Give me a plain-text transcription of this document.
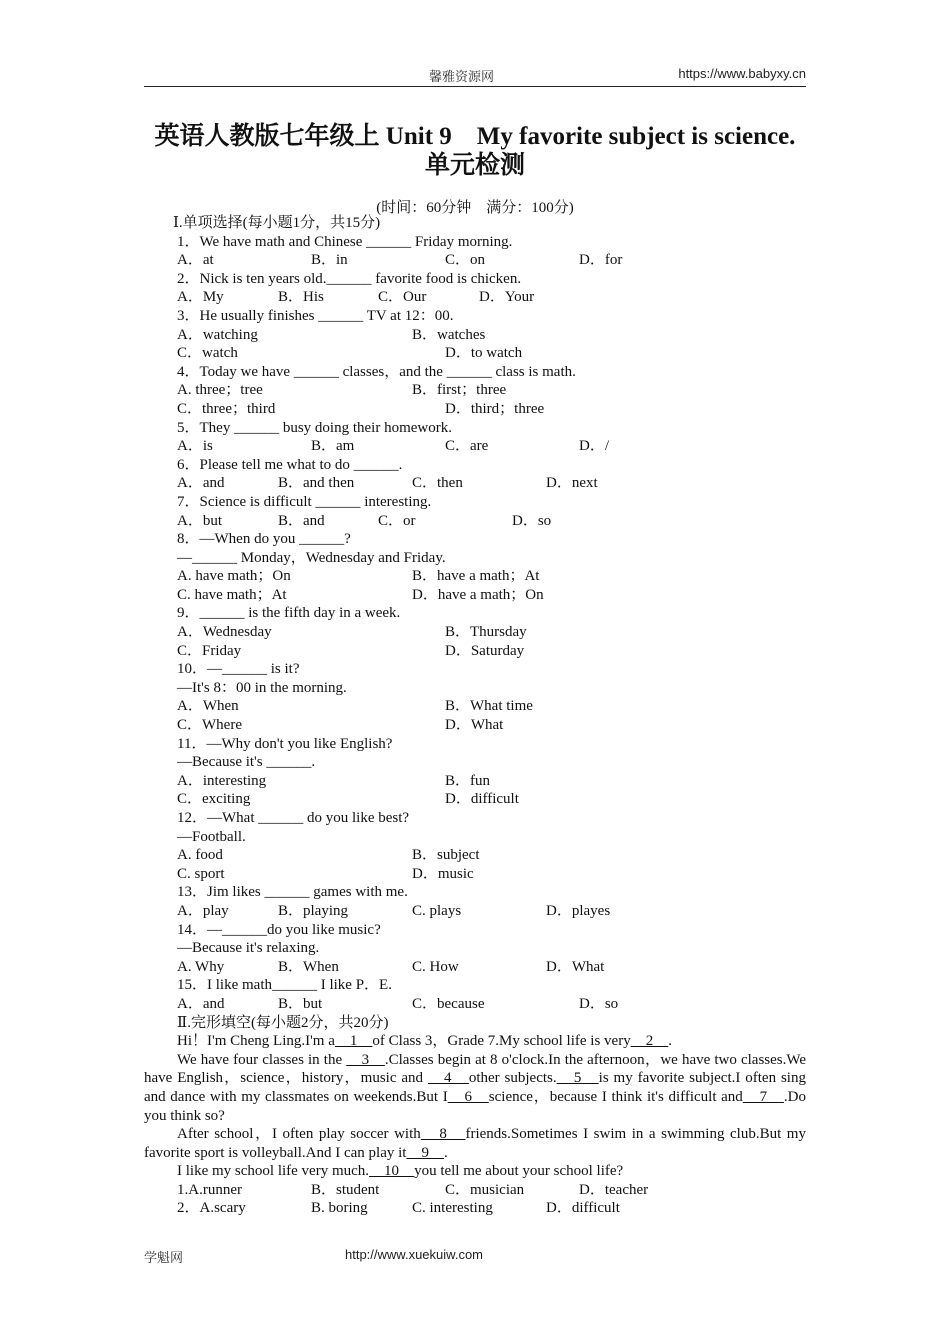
馨雅资源网	https://www.babyxy.cn
英语人教版七年级上 Unit 9　My favorite subject is science.
单元检测
(时间：60分钟　满分：100分)
Ⅰ.单项选择(每小题1分，共15分)
1．We have math and Chinese ______ Friday morning.
A．at	B．in	C．on	D．for
2．Nick is ten years old.______ favorite food is chicken.
A．My	B．His	C．Our	D．Your
3．He usually finishes ______ TV at 12：00.
A．watching	B．watches
C．watch	D．to watch
4．Today we have ______ classes，and the ______ class is math.
A. three；tree	B．first；three
C．three；third	D．third；three
5．They ______ busy doing their homework.
A．is	B．am	C．are	D．/
6．Please tell me what to do ______.
A．and	B．and then	C．then	D．next
7．Science is difficult ______ interesting.
A．but	B．and	C．or	D．so
8．—When do you ______?
—______ Monday，Wednesday and Friday.
A. have math；On	B．have a math；At
C. have math；At	D．have a math；On
9．______ is the fifth day in a week.
A．Wednesday	B．Thursday
C．Friday	D．Saturday
10．—______ is it?
—It's 8：00 in the morning.
A．When	B．What time
C．Where	D．What
11．—Why don't you like English?
—Because it's ______.
A．interesting	B．fun
C．exciting	D．difficult
12．—What ______ do you like best?
—Football.
A. food	B．subject
C. sport	D．music
13．Jim likes ______ games with me.
A．play	B．playing	C. plays	D．playes
14．—______do you like music?
—Because it's relaxing.
A. Why	B．When	C. How	D．What
15．I like math______ I like P．E.
A．and	B．but	C．because	D．so
Ⅱ.完形填空(每小题2分，共20分)
Hi！I'm Cheng Ling.I'm a　1　of Class 3，Grade 7.My school life is very　2　.
We have four classes in the 　3　.Classes begin at 8 o'clock.In the afternoon，we have two classes.We have English，science，history，music and 　4　other subjects.　5　is my favorite subject.I often sing and dance with my classmates on weekends.But I　6　science，because I think it's difficult and　7　.Do you think so?
After school，I often play soccer with　8　friends.Sometimes I swim in a swimming club.But my favorite sport is volleyball.And I can play it　9　.
I like my school life very much.　10　you tell me about your school life?
1.A.runner	B．student	C．musician	D．teacher
2．A.scary	B. boring	C. interesting	D．difficult
学魁网	http://www.xuekuiw.com
